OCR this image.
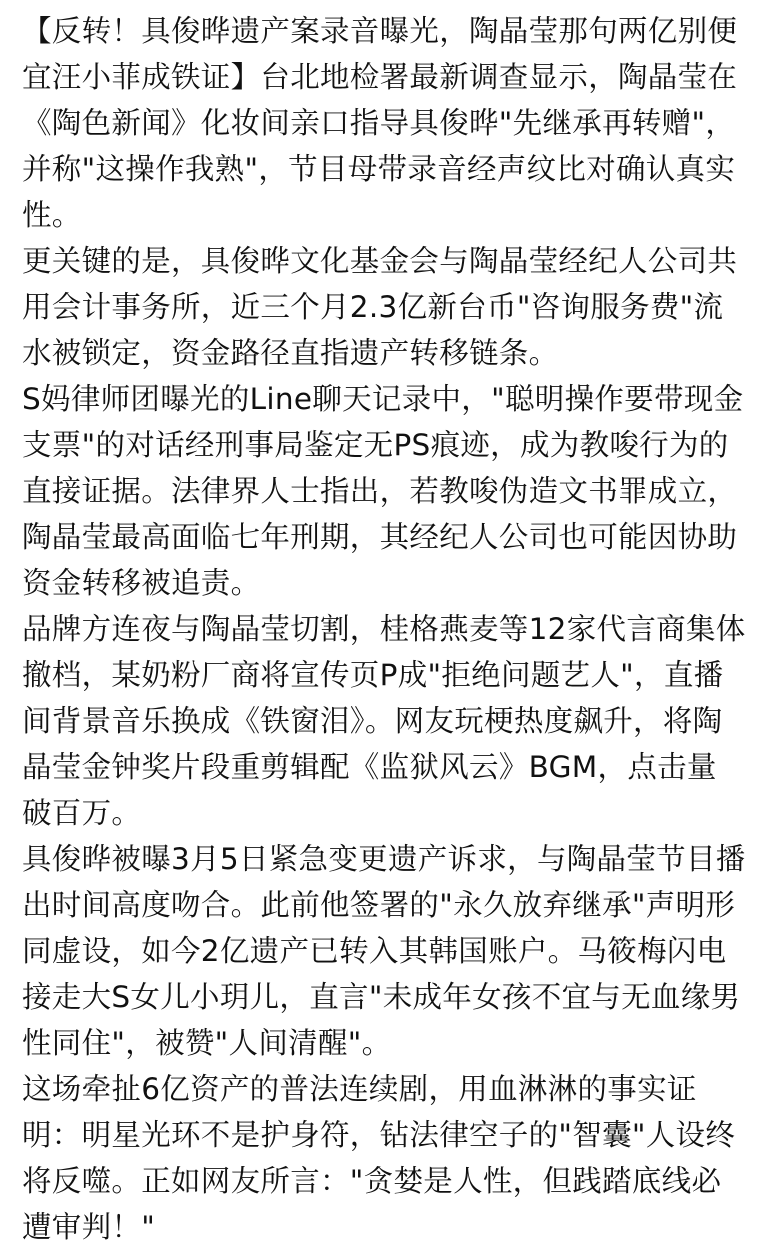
【反转！具俊晔遗产案录音曝光，陶晶莹那句两亿别便宜汪小菲成铁证】台北地检署最新调查显示，陶晶莹在《陶色新闻》化妆间亲口指导具俊晔"先继承再转赠"，并称"这操作我熟"，节目母带录音经声纹比对确认真实性。

更关键的是，具俊晔文化基金会与陶晶莹经纪人公司共用会计事务所，近三个月2.3亿新台币"咨询服务费"流水被锁定，资金路径直指遗产转移链条。

S妈律师团曝光的Line聊天记录中，"聪明操作要带现金支票"的对话经刑事局鉴定无PS痕迹，成为教唆行为的直接证据。法律界人士指出，若教唆伪造文书罪成立，陶晶莹最高面临七年刑期，其经纪人公司也可能因协助资金转移被追责。

品牌方连夜与陶晶莹切割，桂格燕麦等12家代言商集体撤档，某奶粉厂商将宣传页P成"拒绝问题艺人"，直播间背景音乐换成《铁窗泪》。网友玩梗热度飙升，将陶晶莹金钟奖片段重剪辑配《监狱风云》BGM，点击量破百万。

具俊晔被曝3月5日紧急变更遗产诉求，与陶晶莹节目播出时间高度吻合。此前他签署的"永久放弃继承"声明形同虚设，如今2亿遗产已转入其韩国账户。马筱梅闪电接走大S女儿小玥儿，直言"未成年女孩不宜与无血缘男性同住"，被赞"人间清醒"。

这场牵扯6亿资产的普法连续剧，用血淋淋的事实证明：明星光环不是护身符，钻法律空子的"智囊"人设终将反噬。正如网友所言："贪婪是人性，但践踏底线必遭审判！"
